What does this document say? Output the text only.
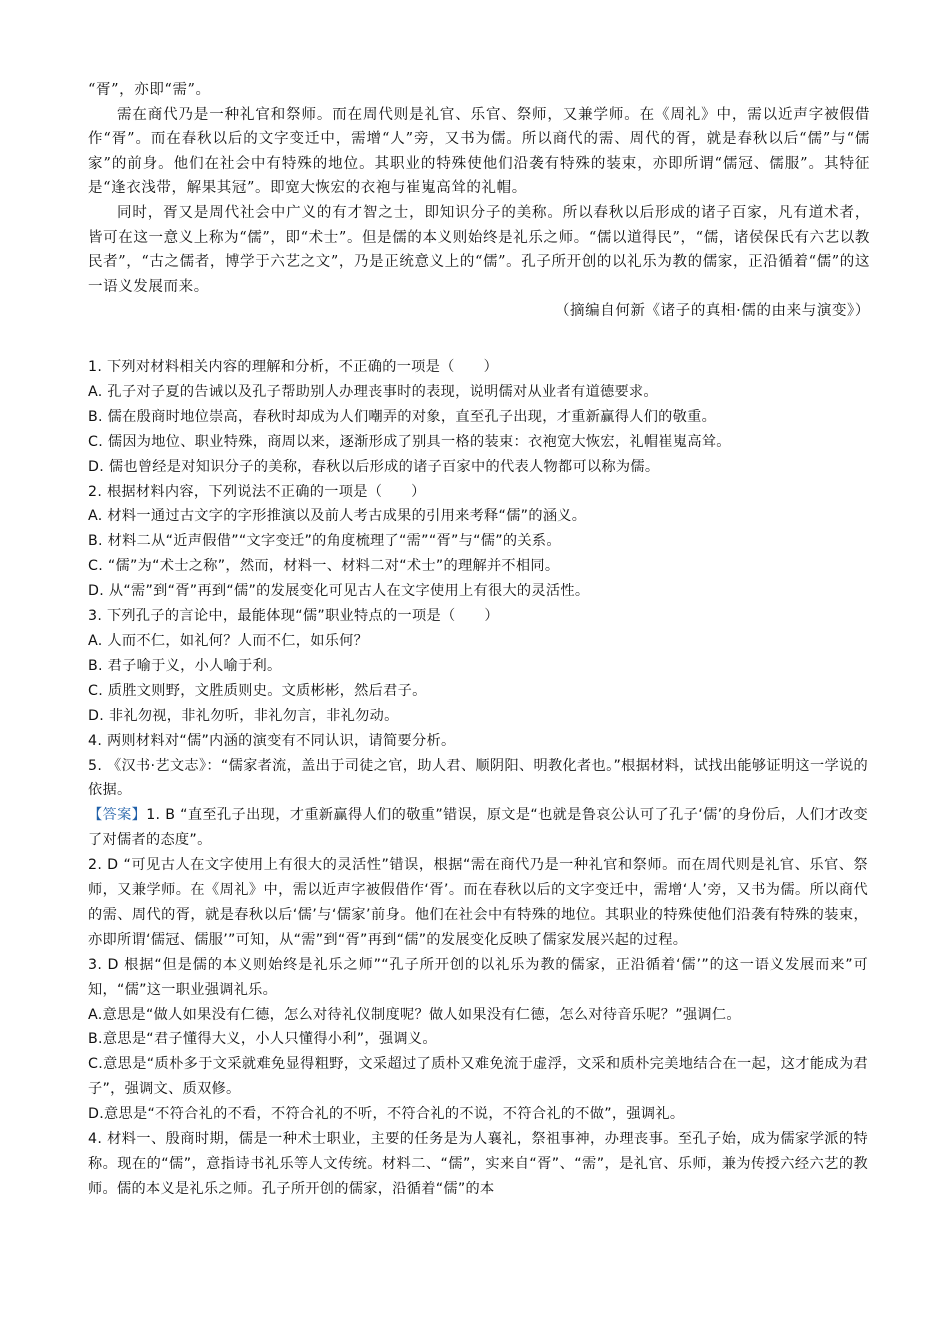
“胥”，亦即“需”。

需在商代乃是一种礼官和祭师。而在周代则是礼官、乐官、祭师，又兼学师。在《周礼》中，需以近声字被假借作“胥”。而在春秋以后的文字变迁中，需增“人”旁，又书为儒。所以商代的需、周代的胥，就是春秋以后“儒”与“儒家”的前身。他们在社会中有特殊的地位。其职业的特殊使他们沿袭有特殊的装束，亦即所谓“儒冠、儒服”。其特征是“逢衣浅带，解果其冠”。即宽大恢宏的衣袍与崔嵬高耸的礼帽。

同时，胥又是周代社会中广义的有才智之士，即知识分子的美称。所以春秋以后形成的诸子百家，凡有道术者，皆可在这一意义上称为“儒”，即“术士”。但是儒的本义则始终是礼乐之师。“儒以道得民”，“儒，诸侯保氏有六艺以教民者”，“古之儒者，博学于六艺之文”，乃是正统意义上的“儒”。孔子所开创的以礼乐为教的儒家，正沿循着“儒”的这一语义发展而来。

（摘编自何新《诸子的真相·儒的由来与演变》）

1. 下列对材料相关内容的理解和分析，不正确的一项是（　　）

A. 孔子对子夏的告诫以及孔子帮助别人办理丧事时的表现，说明儒对从业者有道德要求。

B. 儒在殷商时地位崇高，春秋时却成为人们嘲弄的对象，直至孔子出现，才重新赢得人们的敬重。

C. 儒因为地位、职业特殊，商周以来，逐渐形成了别具一格的装束：衣袍宽大恢宏，礼帽崔嵬高耸。

D. 儒也曾经是对知识分子的美称，春秋以后形成的诸子百家中的代表人物都可以称为儒。

2. 根据材料内容，下列说法不正确的一项是（　　）

A. 材料一通过古文字的字形推演以及前人考古成果的引用来考释“儒”的涵义。

B. 材料二从“近声假借”“文字变迁”的角度梳理了“需”“胥”与“儒”的关系。

C. “儒”为“术士之称”，然而，材料一、材料二对“术士”的理解并不相同。

D. 从“需”到“胥”再到“儒”的发展变化可见古人在文字使用上有很大的灵活性。

3. 下列孔子的言论中，最能体现“儒”职业特点的一项是（　　）

A. 人而不仁，如礼何？人而不仁，如乐何？

B. 君子喻于义，小人喻于利。

C. 质胜文则野，文胜质则史。文质彬彬，然后君子。

D. 非礼勿视，非礼勿听，非礼勿言，非礼勿动。

4. 两则材料对“儒”内涵的演变有不同认识，请简要分析。

5. 《汉书·艺文志》：“儒家者流，盖出于司徒之官，助人君、顺阴阳、明教化者也。”根据材料，试找出能够证明这一学说的依据。

【答案】1. B “直至孔子出现，才重新赢得人们的敬重”错误，原文是“也就是鲁哀公认可了孔子‘儒’的身份后，人们才改变了对儒者的态度”。

2. D “可见古人在文字使用上有很大的灵活性”错误，根据“需在商代乃是一种礼官和祭师。而在周代则是礼官、乐官、祭师，又兼学师。在《周礼》中，需以近声字被假借作‘胥’。而在春秋以后的文字变迁中，需增‘人’旁，又书为儒。所以商代的需、周代的胥，就是春秋以后‘儒’与‘儒家’前身。他们在社会中有特殊的地位。其职业的特殊使他们沿袭有特殊的装束，亦即所谓‘儒冠、儒服’”可知，从“需”到“胥”再到“儒”的发展变化反映了儒家发展兴起的过程。

3. D 根据“但是儒的本义则始终是礼乐之师”“孔子所开创的以礼乐为教的儒家，正沿循着‘儒’”的这一语义发展而来”可知，“儒”这一职业强调礼乐。

A.意思是“做人如果没有仁德，怎么对待礼仪制度呢？做人如果没有仁德，怎么对待音乐呢？”强调仁。

B.意思是“君子懂得大义，小人只懂得小利”，强调义。

C.意思是“质朴多于文采就难免显得粗野，文采超过了质朴又难免流于虚浮，文采和质朴完美地结合在一起，这才能成为君子”，强调文、质双修。

D.意思是“不符合礼的不看，不符合礼的不听，不符合礼的不说，不符合礼的不做”，强调礼。

4. 材料一、殷商时期，儒是一种术士职业，主要的任务是为人襄礼，祭祖事神，办理丧事。至孔子始，成为儒家学派的特称。现在的“儒”，意指诗书礼乐等人文传统。材料二、“儒”，实来自“胥”、“需”，是礼官、乐师，兼为传授六经六艺的教师。儒的本义是礼乐之师。孔子所开创的儒家，沿循着“儒”的本
